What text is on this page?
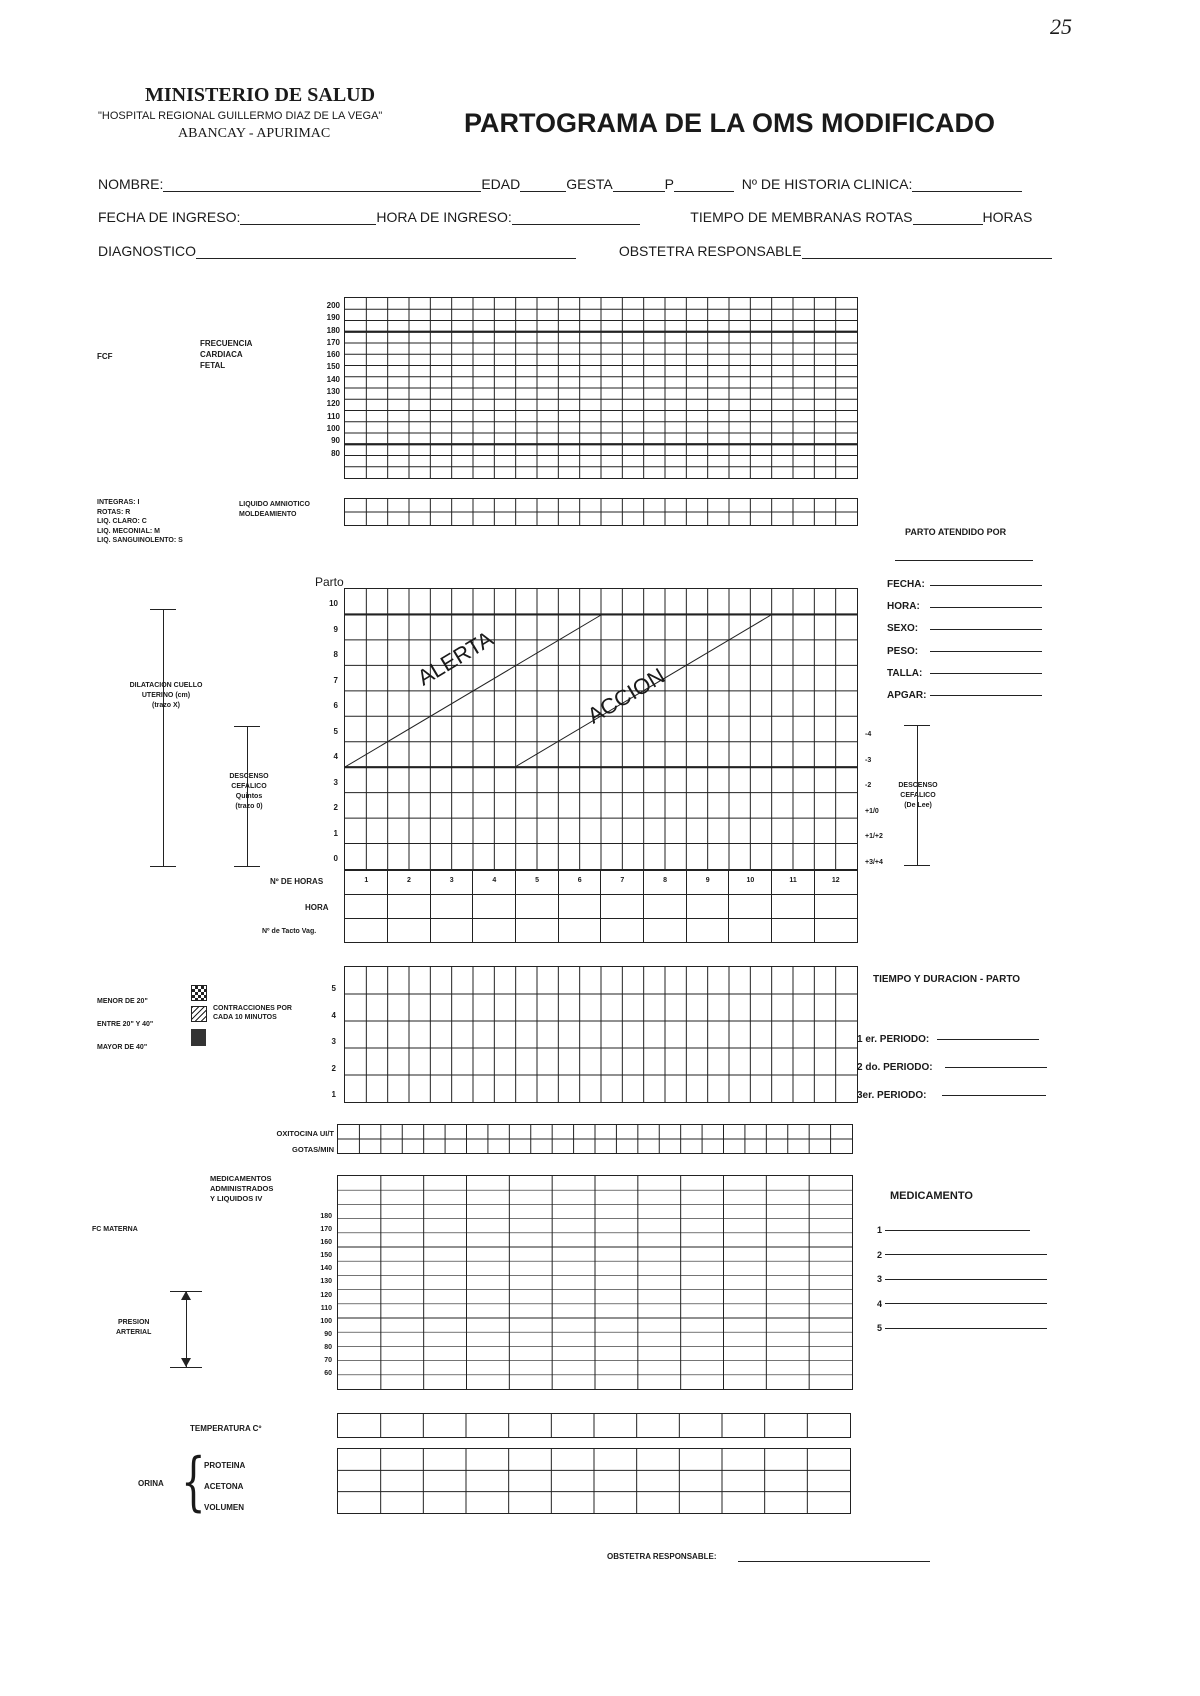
25
MINISTERIO DE SALUD
"HOSPITAL REGIONAL GUILLERMO DIAZ DE LA VEGA"
ABANCAY - APURIMAC	PARTOGRAMA DE LA OMS MODIFICADO
NOMBRE:	EDAD	GESTA	P	Nº DE HISTORIA CLINICA:
FECHA DE INGRESO:	HORA DE INGRESO:	TIEMPO DE MEMBRANAS ROTAS	HORAS
DIAGNOSTICO	OBSTETRA RESPONSABLE
FCF
FRECUENCIA
CARDIACA
FETAL
200
190
180
170
160
150
140
130
120
110
100
90
80
INTEGRAS: I
ROTAS: R
LIQ. CLARO: C
LIQ. MECONIAL: M
LIQ. SANGUINOLENTO: S
LIQUIDO AMNIOTICO
MOLDEAMIENTO
PARTO ATENDIDO POR
FECHA:
HORA:
SEXO:
PESO:
TALLA:
APGAR:
Parto
10
9
8
7
6
5
4
3
2
1
0
ALERTA
ACCION
DILATACION CUELLO
UTERINO (cm)
(trazo X)
DESCENSO
CEFALICO
Quintos
(trazo 0)
-4
-3
-2
+1/0
+1/+2
+3/+4
DESCENSO
CEFALICO
(De Lee)
Nº DE HORAS
HORA
Nº de Tacto Vag.
1	2	3	4	5	6	7	8	9	10	11	12
MENOR DE 20"
ENTRE 20" Y 40"
MAYOR DE 40"
CONTRACCIONES POR
CADA 10 MINUTOS
5
4
3
2
1
TIEMPO Y DURACION - PARTO
1 er. PERIODO:
2 do. PERIODO:
3er. PERIODO:
OXITOCINA UI/T
GOTAS/MIN
MEDICAMENTOS
ADMINISTRADOS
Y LIQUIDOS IV
FC MATERNA
PRESION
ARTERIAL
180
170
160
150
140
130
120
110
100
90
80
70
60
MEDICAMENTO
1
2
3
4
5
TEMPERATURA Cº
ORINA {
PROTEINA
ACETONA
VOLUMEN
OBSTETRA RESPONSABLE:
